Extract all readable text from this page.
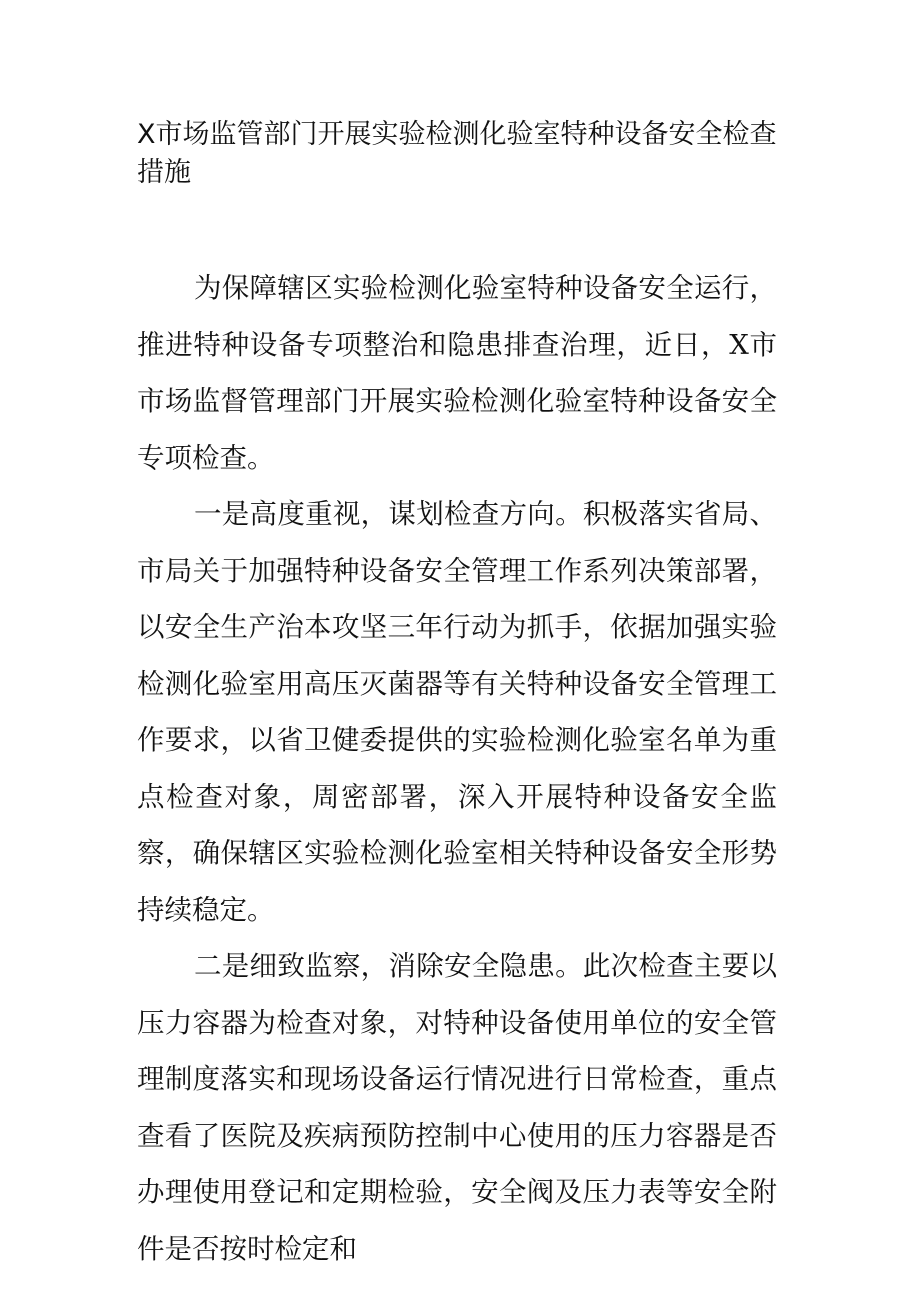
X市场监管部门开展实验检测化验室特种设备安全检查措施

为保障辖区实验检测化验室特种设备安全运行，推进特种设备专项整治和隐患排查治理，近日，X市市场监督管理部门开展实验检测化验室特种设备安全专项检查。

一是高度重视，谋划检查方向。积极落实省局、市局关于加强特种设备安全管理工作系列决策部署，以安全生产治本攻坚三年行动为抓手，依据加强实验检测化验室用高压灭菌器等有关特种设备安全管理工作要求，以省卫健委提供的实验检测化验室名单为重点检查对象，周密部署，深入开展特种设备安全监察，确保辖区实验检测化验室相关特种设备安全形势持续稳定。

二是细致监察，消除安全隐患。此次检查主要以压力容器为检查对象，对特种设备使用单位的安全管理制度落实和现场设备运行情况进行日常检查，重点查看了医院及疾病预防控制中心使用的压力容器是否办理使用登记和定期检验，安全阀及压力表等安全附件是否按时检定和
